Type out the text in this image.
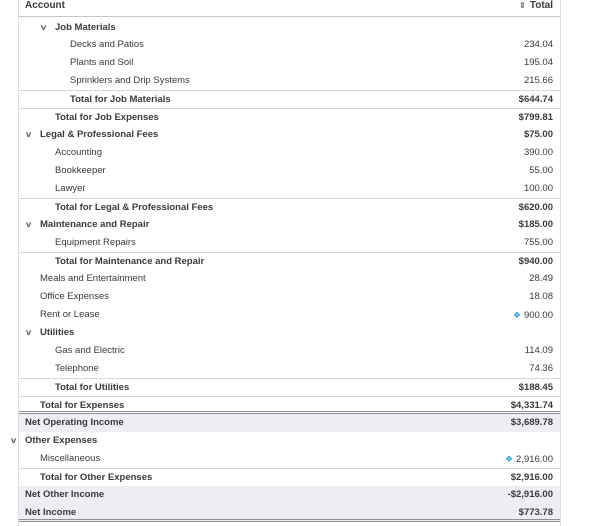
Account	⇕ Total
∨ Job Materials
Decks and Patios	234.04
Plants and Soil	195.04
Sprinklers and Drip Systems	215.66
Total for Job Materials	$644.74
Total for Job Expenses	$799.81
∨ Legal & Professional Fees	$75.00
Accounting	390.00
Bookkeeper	55.00
Lawyer	100.00
Total for Legal & Professional Fees	$620.00
∨ Maintenance and Repair	$185.00
Equipment Repairs	755.00
Total for Maintenance and Repair	$940.00
Meals and Entertainment	28.49
Office Expenses	18.08
Rent or Lease	❖ 900.00
∨ Utilities
Gas and Electric	114.09
Telephone	74.36
Total for Utilities	$188.45
Total for Expenses	$4,331.74
Net Operating Income	$3,689.78
∨ Other Expenses
Miscellaneous	❖ 2,916.00
Total for Other Expenses	$2,916.00
Net Other Income	-$2,916.00
Net Income	$773.78
